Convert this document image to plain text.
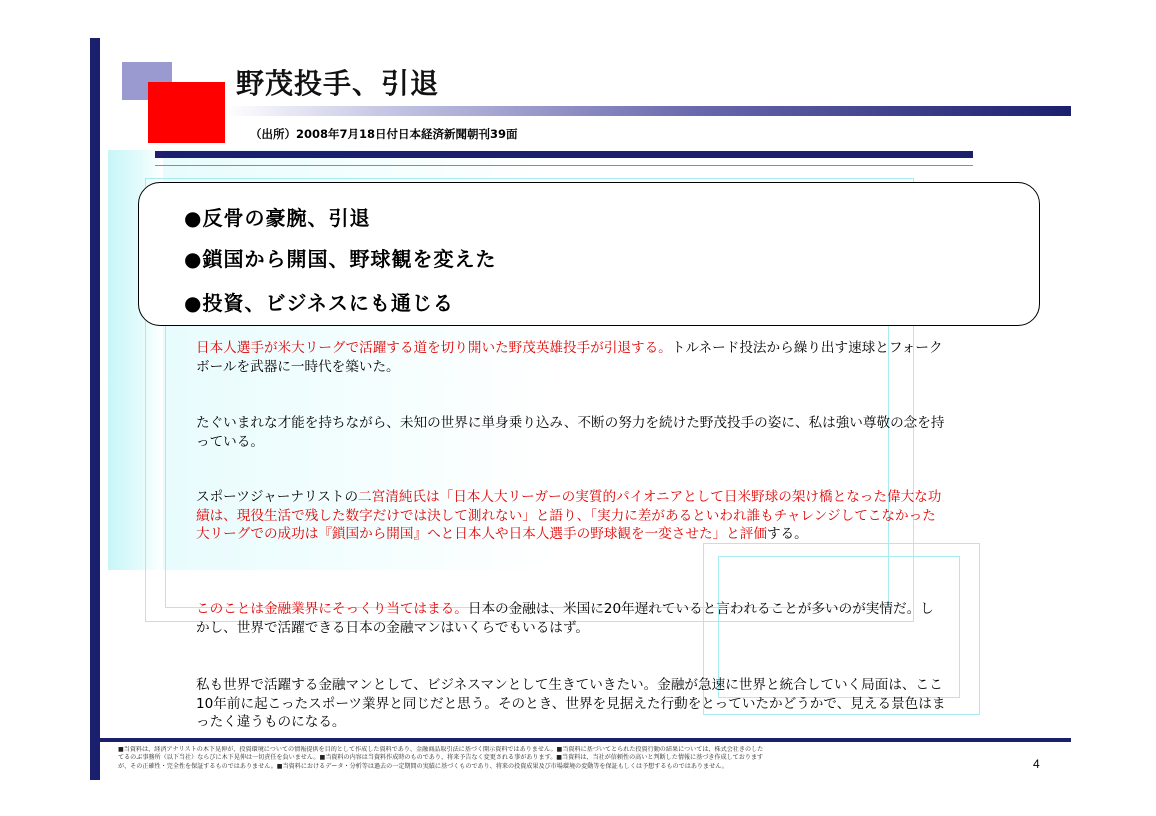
野茂投手、引退
（出所）2008年7月18日付日本経済新聞朝刊39面
●反骨の豪腕、引退
●鎖国から開国、野球観を変えた
●投資、ビジネスにも通じる
日本人選手が米大リーグで活躍する道を切り開いた野茂英雄投手が引退する。トルネード投法から繰り出す速球とフォークボールを武器に一時代を築いた。
たぐいまれな才能を持ちながら、未知の世界に単身乗り込み、不断の努力を続けた野茂投手の姿に、私は強い尊敬の念を持っている。
スポーツジャーナリストの二宮清純氏は「日本人大リーガーの実質的パイオニアとして日米野球の架け橋となった偉大な功績は、現役生活で残した数字だけでは決して測れない」と語り、「実力に差があるといわれ誰もチャレンジしてこなかった大リーグでの成功は『鎖国から開国』へと日本人や日本人選手の野球観を一変させた」と評価する。
このことは金融業界にそっくり当てはまる。日本の金融は、米国に20年遅れていると言われることが多いのが実情だ。しかし、世界で活躍できる日本の金融マンはいくらでもいるはず。
私も世界で活躍する金融マンとして、ビジネスマンとして生きていきたい。金融が急速に世界と統合していく局面は、ここ10年前に起こったスポーツ業界と同じだと思う。そのとき、世界を見据えた行動をとっていたかどうかで、見える景色はまったく違うものになる。
■当資料は、経済アナリストの木下晃伸が、投資環境についての情報提供を目的として作成した資料であり、金融商品取引法に基づく開示資料ではありません。■当資料に基づいてとられた投資行動の結果については、株式会社きのした
てるのぶ事務所（以下当社）ならびに木下晃伸は一切責任を負いません。■当資料の内容は当資料作成時のものであり、将来予告なく変更される事があります。■当資料は、当社が信頼性の高いと判断した情報に基づき作成しております
が、その正確性・完全性を保証するものではありません。■当資料におけるデータ・分析等は過去の一定期間の実績に基づくものであり、将来の投資成果及び市場環境の変動等を保証もしくは予想するものではありません。	4
